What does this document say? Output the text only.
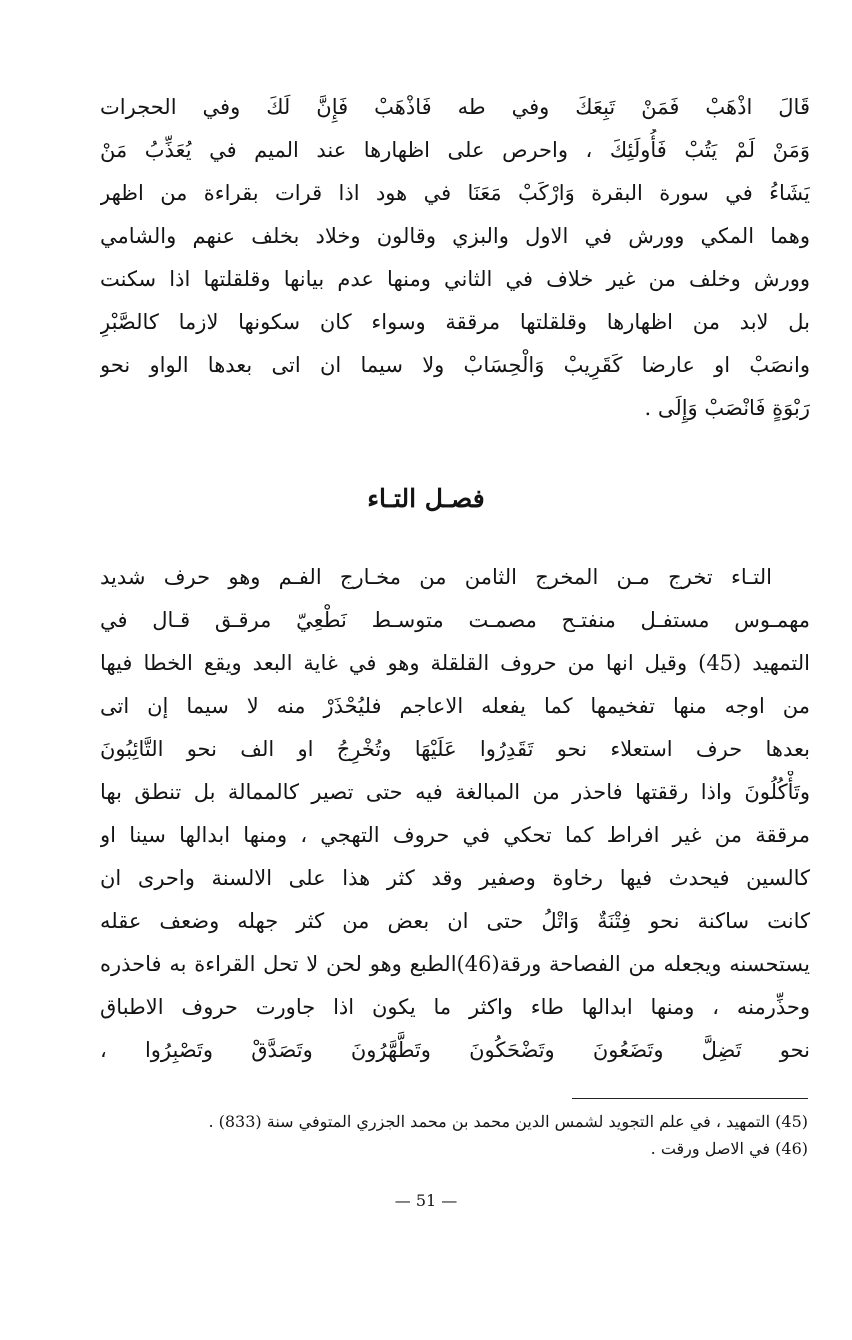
قَالَ اذْهَبْ فَمَنْ تَبِعَكَ وفي طه فَاذْهَبْ فَإِنَّ لَكَ وفي الحجرات
وَمَنْ لَمْ يَتُبْ فَأُولَئِكَ ، واحرص على اظهارها عند الميم في يُعَذِّبُ مَنْ
يَشَاءُ في سورة البقرة وَارْكَبْ مَعَنَا في هود اذا قرات بقراءة من اظهر
وهما المكي وورش في الاول والبزي وقالون وخلاد بخلف عنهم والشامي
وورش وخلف من غير خلاف في الثاني ومنها عدم بيانها وقلقلتها اذا سكنت
بل لابد من اظهارها وقلقلتها مرققة وسواء كان سكونها لازما كالصَّبْرِ
وانصَبْ او عارضا كَقَرِيبْ وَالْحِسَابْ ولا سيما ان اتى بعدها الواو نحو
رَبْوَةٍ فَانْصَبْ وَإِلَى .
فصـل التـاء
التـاء تخرج مـن المخرج الثامن من مخـارج الفـم وهو حرف شديد
مهمـوس مستفـل منفتـح مصمـت متوسـط نَطْعِيّ مرقـق قـال في
التمهيد (45) وقيل انها من حروف القلقلة وهو في غاية البعد ويقع الخطا فيها
من اوجه منها تفخيمها كما يفعله الاعاجم فليُحْذَرْ منه لا سيما إن اتى
بعدها حرف استعلاء نحو تَقَدِرُوا عَلَيْهَا وتُخْرِجُ او الف نحو التَّائِبُونَ
وتَأْكُلُونَ واذا رققتها فاحذر من المبالغة فيه حتى تصير كالممالة بل تنطق بها
مرققة من غير افراط كما تحكي في حروف التهجي ، ومنها ابدالها سينا او
كالسين فيحدث فيها رخاوة وصفير وقد كثر هذا على الالسنة واحرى ان
كانت ساكنة نحو فِتْنَةٌ وَاتْلُ حتى ان بعض من كثر جهله وضعف عقله
يستحسنه ويجعله من الفصاحة ورقة(46)الطبع وهو لحن لا تحل القراءة به فاحذره
وحذِّرمنه ، ومنها ابدالها طاء واكثر ما يكون اذا جاورت حروف الاطباق
نحو تَضِلَّ وتَضَعُونَ وتَضْحَكُونَ وتَطَّهَّرُونَ وتَصَدَّقْ وتَصْبِرُوا ،
(45) التمهيد ، في علم التجويد لشمس الدين محمد بن محمد الجزري المتوفي سنة (833) .
(46) في الاصل ورقت .
— 51 —
